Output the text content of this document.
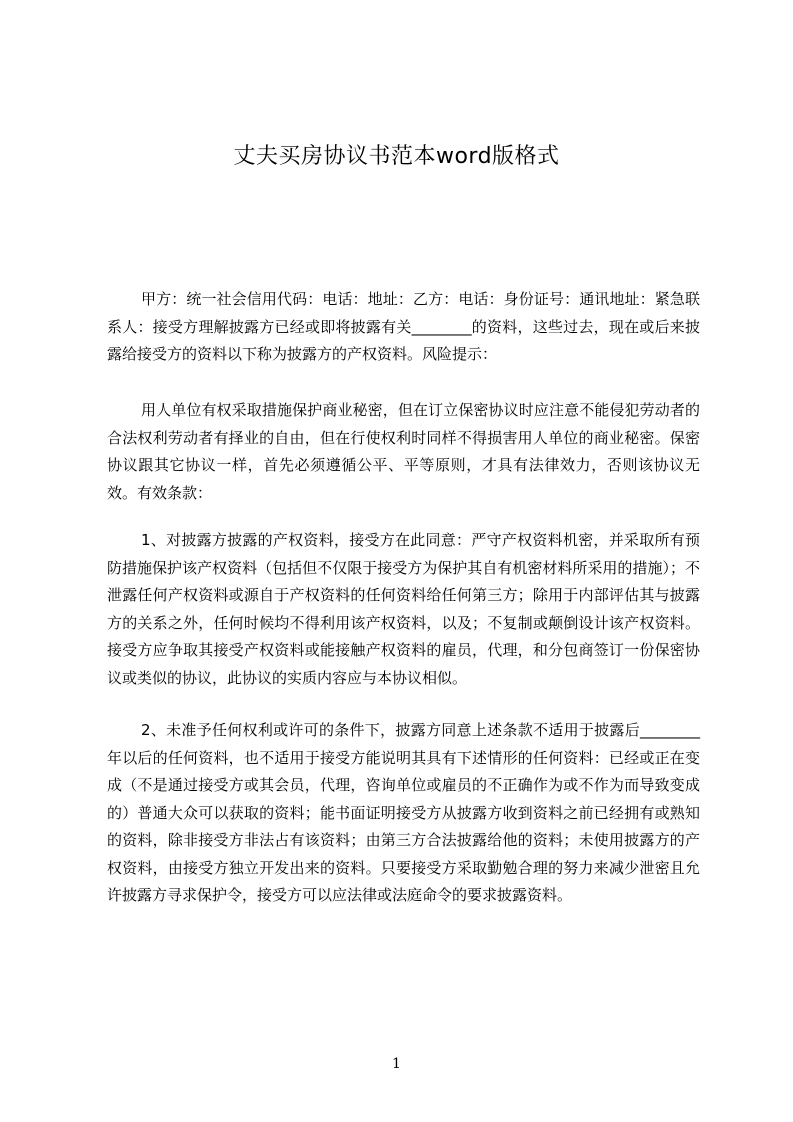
丈夫买房协议书范本word版格式

甲方：统一社会信用代码：电话：地址：乙方：电话：身份证号：通讯地址：紧急联系人：接受方理解披露方已经或即将披露有关________的资料，这些过去，现在或后来披露给接受方的资料以下称为披露方的产权资料。风险提示：

用人单位有权采取措施保护商业秘密，但在订立保密协议时应注意不能侵犯劳动者的合法权利劳动者有择业的自由，但在行使权利时同样不得损害用人单位的商业秘密。保密协议跟其它协议一样，首先必须遵循公平、平等原则，才具有法律效力，否则该协议无效。有效条款：

1、对披露方披露的产权资料，接受方在此同意：严守产权资料机密，并采取所有预防措施保护该产权资料（包括但不仅限于接受方为保护其自有机密材料所采用的措施）；不泄露任何产权资料或源自于产权资料的任何资料给任何第三方；除用于内部评估其与披露方的关系之外，任何时候均不得利用该产权资料，以及；不复制或颠倒设计该产权资料。接受方应争取其接受产权资料或能接触产权资料的雇员，代理，和分包商签订一份保密协议或类似的协议，此协议的实质内容应与本协议相似。

2、未准予任何权利或许可的条件下，披露方同意上述条款不适用于披露后________年以后的任何资料，也不适用于接受方能说明其具有下述情形的任何资料：已经或正在变成（不是通过接受方或其会员，代理，咨询单位或雇员的不正确作为或不作为而导致变成的）普通大众可以获取的资料；能书面证明接受方从披露方收到资料之前已经拥有或熟知的资料，除非接受方非法占有该资料；由第三方合法披露给他的资料；未使用披露方的产权资料，由接受方独立开发出来的资料。只要接受方采取勤勉合理的努力来减少泄密且允许披露方寻求保护令，接受方可以应法律或法庭命令的要求披露资料。

1
